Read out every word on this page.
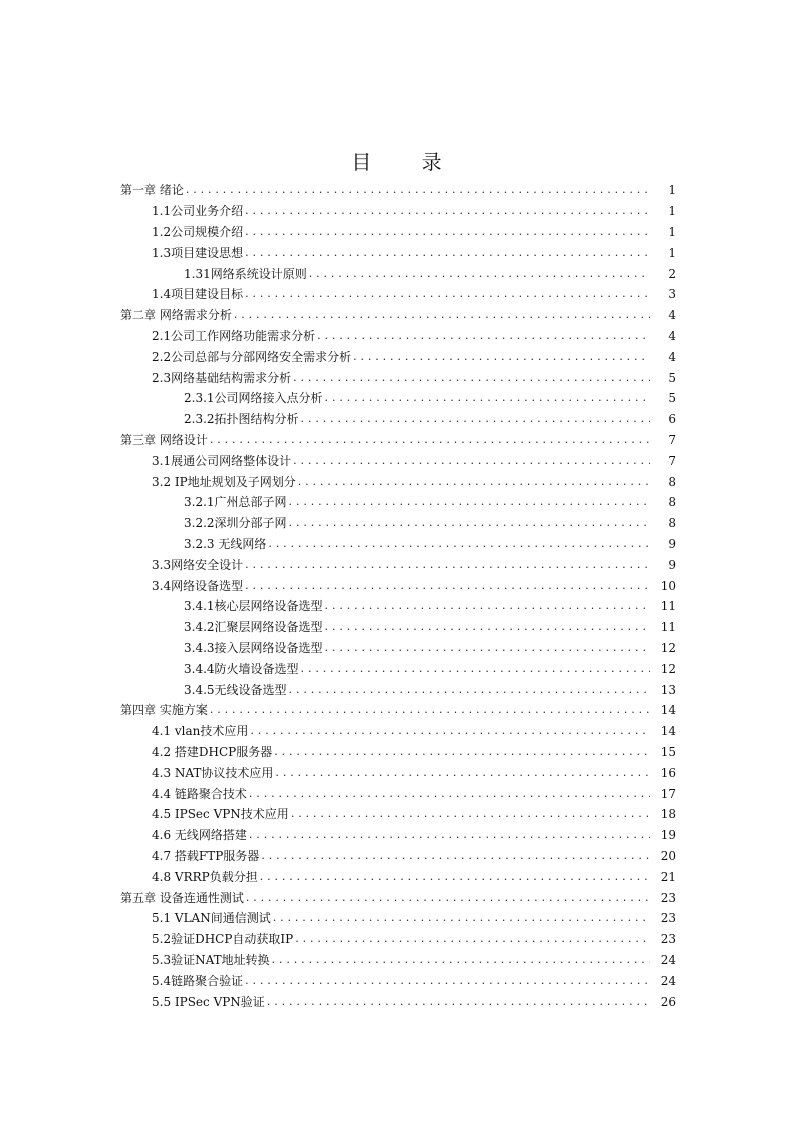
目 录
第一章 绪论 . . .	1
1.1公司业务介绍 . . .	1
1.2公司规模介绍 . . .	1
1.3项目建设思想 . . .	1
1.31网络系统设计原则 . . .	2
1.4项目建设目标 . . .	3
第二章 网络需求分析 . . .	4
2.1公司工作网络功能需求分析 . . .	4
2.2公司总部与分部网络安全需求分析 . . .	4
2.3网络基础结构需求分析 . . .	5
2.3.1公司网络接入点分析 . . .	5
2.3.2拓扑图结构分析 . . .	6
第三章 网络设计 . . .	7
3.1展通公司网络整体设计 . . .	7
3.2 IP地址规划及子网划分 . . .	8
3.2.1广州总部子网 . . .	8
3.2.2深圳分部子网 . . .	8
3.2.3 无线网络 . . .	9
3.3网络安全设计 . . .	9
3.4网络设备选型 . . .	10
3.4.1核心层网络设备选型 . . .	11
3.4.2汇聚层网络设备选型 . . .	11
3.4.3接入层网络设备选型 . . .	12
3.4.4防火墙设备选型 . . .	12
3.4.5无线设备选型 . . .	13
第四章 实施方案 . . .	14
4.1 vlan技术应用 . . .	14
4.2 搭建DHCP服务器 . . .	15
4.3 NAT协议技术应用 . . .	16
4.4 链路聚合技术 . . .	17
4.5 IPSec VPN技术应用 . . .	18
4.6 无线网络搭建 . . .	19
4.7 搭载FTP服务器 . . .	20
4.8 VRRP负载分担 . . .	21
第五章 设备连通性测试 . . .	23
5.1 VLAN间通信测试 . . .	23
5.2验证DHCP自动获取IP . . .	23
5.3验证NAT地址转换 . . .	24
5.4链路聚合验证 . . .	24
5.5 IPSec VPN验证 . . .	26
